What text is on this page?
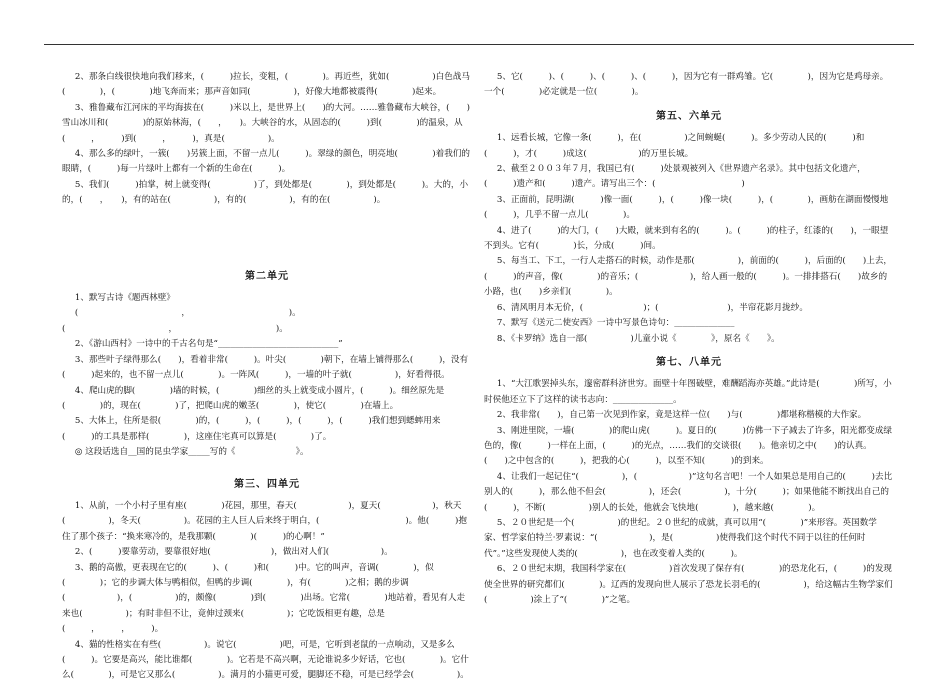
2、那条白线很快地向我们移来，(　　　)拉长，变粗，(　　　　)。再近些，犹如(　　　　　)白色战马(　　　　)，(　　　　)地飞奔而来；那声音如同(　　　　　)，好像大地都被震得(　　　　)起来。

3、雅鲁藏布江河床的平均海拔在(　　　)米以上，是世界上(　　)的大河。……雅鲁藏布大峡谷，(　　)雪山冰川和(　　　　)的原始林海，(　　，　　)。大峡谷的水，从固态的(　　　)到(　　　　)的温泉，从(　　　，　　　)到(　　　，　　　)，真是(　　　　　)。

4、那么多的绿叶，一簇(　　)另簇上面，不留一点儿(　　　)。翠绿的颜色，明亮地(　　　　)着我们的眼睛，(　　　)每一片绿叶上都有一个新的生命在(　　　)。

5、我们(　　　)拍掌，树上就变得(　　　　　)了，到处都是(　　　　)，到处都是(　　　)。大的，小的，(　　，　　)，有的站在(　　　　　)，有的(　　　　　)，有的在(　　　　　)。

第二单元

1、默写古诗《题西林壁》

(　　　　　　　　　　　　，　　　　　　　　　　　　)。(　　　　　　　　　　　　，　　　　　　　　　　　　)。

2、《游山西村》一诗中的千古名句是“____________________________”

3、那些叶子绿得那么(　　)，看着非常(　　　)。叶尖(　　　　)朝下，在墙上铺得那么(　　　)，没有(　　　)起来的，也不留一点儿(　　　　)。一阵风(　　　)，一墙的叶子就(　　　　　)，好看得很。

4、爬山虎的脚(　　　　)墙的时候，(　　　　)细丝的头上就变成小圆片，(　　　)。细丝原先是(　　　　)的，现在(　　　　)了，把爬山虎的嫩茎(　　　　)，使它(　　　　)在墙上。

5、大体上，住所是很(　　　　)的，(　　　)，(　　　)，(　　　)，(　　　)我们想到蟋蟀用来(　　　)的工具是那样(　　　　)，这座住宅真可以算是(　　　　)了。

◎ 这段话选自__国的昆虫学家_____写的《　　　　　　　》。

第三、四单元

1、从前，一个小村子里有座(　　　　)花园，那里，春天(　　　　　　)，夏天(　　　　　　)，秋天(　　　　　)，冬天(　　　　　)。花园的主人巨人后来终于明白，(　　　　　　　　　　)。他(　　　)抱住了那个孩子：“换来寒冷的，是我那颗(　　　　)(　　　)的心啊！”

2、(　　　)要靠劳动，要靠很好地(　　　　　　　)，做出对人们(　　　　　　)。

3、鹅的高傲，更表现在它的(　　　)、(　　　)和(　　　)中。它的叫声，音调(　　　　)，似(　　　　)；它的步调大体与鸭相似，但鸭的步调(　　　　)，有(　　　　)之相；鹅的步调(　　　　　　)，(　　　　　)的，颇像(　　　　)到(　　　　)出场。它常(　　　　)地站着，看见有人走来也(　　　　　)；有时非但不让，竟伸过颈来(　　　　　)；它吃饭相更有趣，总是(　　　，　　　，　　　)。

4、猫的性格实在有些(　　　　　)。说它(　　　　　)吧，可是，它听到老鼠的一点响动，又是多么(　　　)。它要是高兴，能比谁都(　　　　)。它若是不高兴啊，无论谁说多少好话，它也(　　　　)。它什么(　　　　)，可是它又那么(　　　　　)。满月的小猫更可爱，腿脚还不稳，可是已经学会(　　　　　)。

5、它(　　　)、(　　　)、(　　　)、(　　　)，因为它有一群鸡雏。它(　　　　)，因为它是鸡母亲。一个(　　　　)必定就是一位(　　　　)。

第五、六单元

1、远看长城，它像一条(　　　)，在(　　　　　)之间蜿蜒(　　　)。多少劳动人民的(　　　)和(　　　)，才(　　　)成这(　　　　　　)的万里长城。

2、截至２００３年７月，我国已有(　　　)处景观被列入《世界遗产名录》。其中包括文化遗产，(　　　)遗产和(　　　)遗产。请写出三个：(　　　　　　　　　　)

3、正面前，昆明湖(　　　)像一面(　　　)，(　　　)像一块(　　　)，(　　　　)，画舫在湖面慢慢地(　　　)，几乎不留一点儿(　　　　)。

4、进了(　　　)的大门，(　　)大殿，就来到有名的(　　　)。(　　　)的柱子，红漆的(　　)，一眼望不到头。它有(　　　　)长，分成(　　　)间。

5、每当工、下工，一行人走搭石的时候，动作是那(　　　　　)，前面的(　　　)，后面的(　　)上去，(　　　)的声音，像(　　　　)的音乐；(　　　　　　)，给人画一般的(　　　)。一排排搭石(　　)故乡的小路，也(　　)乡亲们(　　　　)。

6、清风明月本无价，(　　　　　　　)；(　　　　　　　　)，半帘花影月拢纱。

7、默写《送元二使安西》一诗中写景色诗句：______________

8、《卡罗纳》选自一部(　　　　　)儿童小说《　　　　》，原名《　　》。

第七、八单元

1、“大江歌罢掉头东，邃密群科济世穷。面壁十年图破壁，难酬蹈海亦英雄。”此诗是(　　　　)所写，小时侯他还立下了这样的读书志向：______________。

2、我非常(　　)，自己第一次见到作家，竟是这样一位(　　)与(　　　　)都堪称楷模的大作家。

3、刚进里院，一墙(　　　　)的爬山虎(　　　)。夏日的(　　　)仿佛一下子减去了许多，阳光都变成绿色的，像(　　　)一样在上面，(　　　)的光点，……我们的交谈很(　　)。他亲切之中(　　)的认真。(　　)之中包含的(　　　)，把我的心(　　　)，以至不知(　　　)的到来。

4、让我们一起记住“(　　　　　)，(　　　　　　)”这句名言吧！一个人如果总是用自己的(　　　)去比别人的(　　　)，那么他不但会(　　　　　)，还会(　　　　　)，十分(　　　)；如果他能不断找出自己的(　　　)，不断(　　　　　)别人的长处，他就会飞快地(　　　　)，越来越(　　　　)。

5、２０世纪是一个(　　　　　)的世纪。２０世纪的成就，真可以用“(　　　　)”来形容。英国数学家、哲学家伯特兰·罗素说：“(　　　　　　)，是(　　　　　)使得我们这个时代不同于以往的任何时代”。”这些发现使人类的(　　　　　)，也在改变着人类的(　　　)。

6、２０世纪末期，我国科学家在(　　　　　)首次发现了保存有(　　　　)的恐龙化石，(　　　)的发现使全世界的研究都们(　　　　)。辽西的发现向世人展示了恐龙长羽毛的(　　　　　)，给这幅古生物学家们(　　　　　)涂上了“(　　　　)”之笔。
